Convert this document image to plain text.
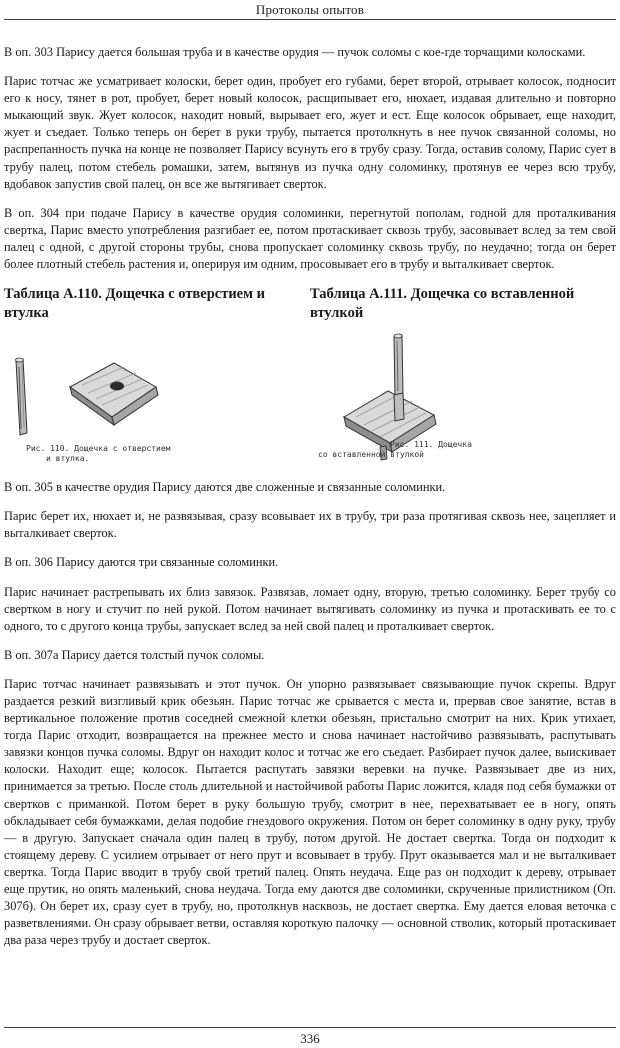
Протоколы опытов

В оп. 303 Парису дается большая труба и в качестве орудия — пучок соломы с кое-где торчащими колосками.

Парис тотчас же усматривает колоски, берет один, пробует его губами, берет второй, отрывает колосок, подносит его к носу, тянет в рот, пробует, берет новый колосок, расщипывает его, нюхает, издавая длительно и повторно мыкающий звук. Жует колосок, находит новый, вырывает его, жует и ест. Еще колосок обрывает, еще находит, жует и съедает. Только теперь он берет в руки трубу, пытается протолкнуть в нее пучок связанной соломы, но распрепанность пучка на конце не позволяет Парису всунуть его в трубу сразу. Тогда, оставив солому, Парис сует в трубу палец, потом стебель ромашки, затем, вытянув из пучка одну соломинку, протянув ее через всю трубу, вдобавок запустив свой палец, он все же вытягивает сверток.

В оп. 304 при подаче Парису в качестве орудия соломинки, перегнутой пополам, годной для проталкивания свертка, Парис вместо употребления разгибает ее, потом протаскивает сквозь трубу, засовывает вслед за тем свой палец с одной, с другой стороны трубы, снова пропускает соломинку сквозь трубу, по неудачно; тогда он берет более плотный стебель растения и, оперируя им одним, просовывает его в трубу и выталкивает сверток.

Таблица А.110. Дощечка с отверстием и втулка
Таблица А.111. Дощечка со вставленной втулкой
Рис. 110. Дощечка с отверстием
и втулка.
Рис. 111. Дощечка
со вставленной втулкой

В оп. 305 в качестве орудия Парису даются две сложенные и связанные соломинки.

Парис берет их, нюхает и, не развязывая, сразу всовывает их в трубу, три раза протягивая сквозь нее, зацепляет и выталкивает сверток.

В оп. 306 Парису даются три связанные соломинки.

Парис начинает растрепывать их близ завязок. Развязав, ломает одну, вторую, третью соломинку. Берет трубу со свертком в ногу и стучит по ней рукой. Потом начинает вытягивать соломинку из пучка и протаскивать ее то с одного, то с другого конца трубы, запускает вслед за ней свой палец и проталкивает сверток.

В оп. 307а Парису дается толстый пучок соломы.

Парис тотчас начинает развязывать и этот пучок. Он упорно развязывает связывающие пучок скрепы. Вдруг раздается резкий визгливый крик обезьян. Парис тотчас же срывается с места и, прервав свое занятие, встав в вертикальное положение против соседней смежной клетки обезьян, пристально смотрит на них. Крик утихает, тогда Парис отходит, возвращается на прежнее место и снова начинает настойчиво развязывать, распутывать завязки концов пучка соломы. Вдруг он находит колос и тотчас же его съедает. Разбирает пучок далее, выискивает колоски. Находит еще; колосок. Пытается распутать завязки веревки на пучке. Развязывает две из них, принимается за третью. После столь длительной и настойчивой работы Парис ложится, кладя под себя бумажки от свертков с приманкой. Потом берет в руку большую трубу, смотрит в нее, перехватывает ее в ногу, опять обкладывает себя бумажками, делая подобие гнездового окружения. Потом он берет соломинку в одну руку, трубу — в другую. Запускает сначала один палец в трубу, потом другой. Не достает свертка. Тогда он подходит к стоящему дереву. С усилием отрывает от него прут и всовывает в трубу. Прут оказывается мал и не выталкивает свертка. Тогда Парис вводит в трубу свой третий палец. Опять неудача. Еще раз он подходит к дереву, отрывает еще прутик, но опять маленький, снова неудача. Тогда ему даются две соломинки, скрученные прилистником (Оп. 307б). Он берет их, сразу сует в трубу, но, протолкнув насквозь, не достает свертка. Ему дается еловая веточка с разветвлениями. Он сразу обрывает ветви, оставляя короткую палочку — основной стволик, который протаскивает два раза через трубу и достает сверток.

336
